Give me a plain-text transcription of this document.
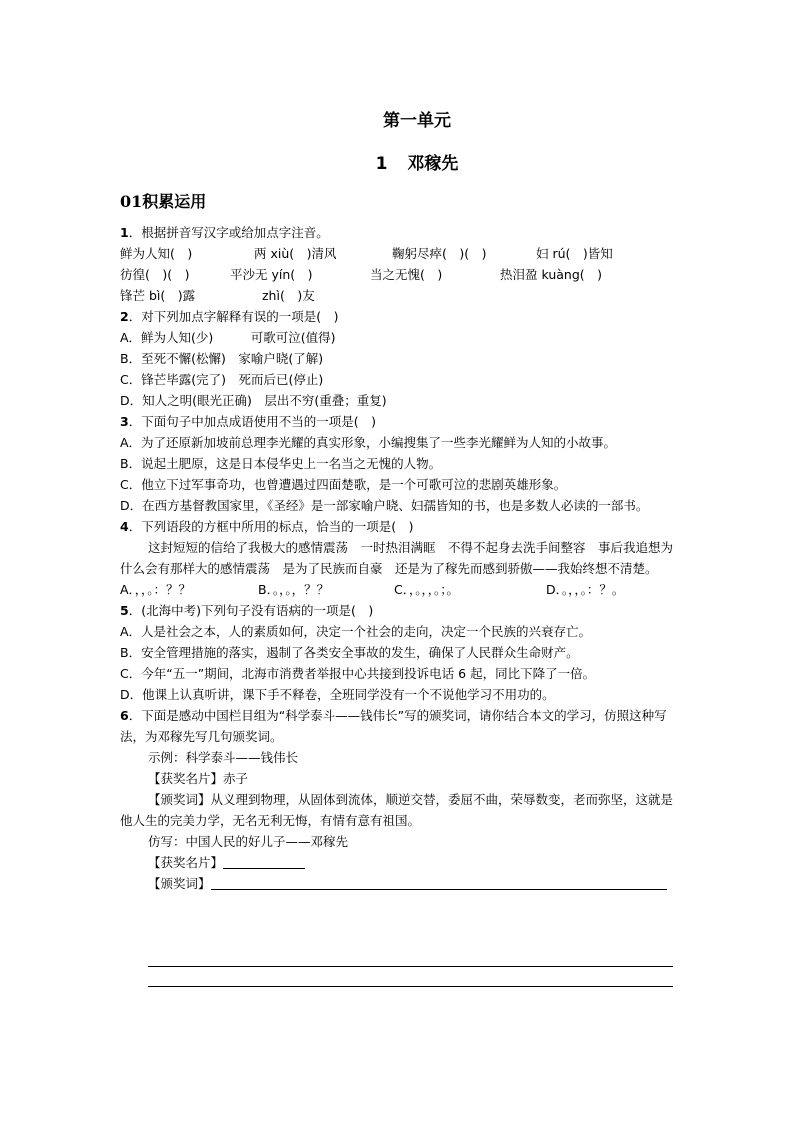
第一单元
1 邓稼先
01积累运用
1．根据拼音写汉字或给加点字注音。
鲜为人知(　)	两 xiù(　)清风	鞠躬尽瘁(　)(　)	妇 rú(　)皆知
彷徨(　)(　)	平沙无 yín(　)	当之无愧(　)	热泪盈 kuàng(　)
锋芒 bì(　)露	zhì(　)友
2．对下列加点字解释有误的一项是(　)
A．鲜为人知(少)　　　可歌可泣(值得)
B．至死不懈(松懈)　家喻户晓(了解)
C．锋芒毕露(完了)　死而后已(停止)
D．知人之明(眼光正确)　层出不穷(重叠；重复)
3．下面句子中加点成语使用不当的一项是(　)
A．为了还原新加坡前总理李光耀的真实形象，小编搜集了一些李光耀鲜为人知的小故事。
B．说起土肥原，这是日本侵华史上一名当之无愧的人物。
C．他立下过军事奇功，也曾遭遇过四面楚歌，是一个可歌可泣的悲剧英雄形象。
D．在西方基督教国家里，《圣经》是一部家喻户晓、妇孺皆知的书，也是多数人必读的一部书。
4．下列语段的方框中所用的标点，恰当的一项是(　)
这封短短的信给了我极大的感情震荡　一时热泪满眶　不得不起身去洗手间整容　事后我追想为什么会有那样大的感情震荡　是为了民族而自豪　还是为了稼先而感到骄傲——我始终想不清楚。
A．，，。：？？	B．。，。，？？	C．，。，，。；。	D．。，，。：？。
5．(北海中考)下列句子没有语病的一项是(　)
A．人是社会之本，人的素质如何，决定一个社会的走向，决定一个民族的兴衰存亡。
B．安全管理措施的落实，遏制了各类安全事故的发生，确保了人民群众生命财产。
C．今年“五一”期间，北海市消费者举报中心共接到投诉电话 6 起，同比下降了一倍。
D．他课上认真听讲，课下手不释卷，全班同学没有一个不说他学习不用功的。
6．下面是感动中国栏目组为“科学泰斗——钱伟长”写的颁奖词，请你结合本文的学习，仿照这种写法，为邓稼先写几句颁奖词。
示例：科学泰斗——钱伟长
【获奖名片】赤子
【颁奖词】从义理到物理，从固体到流体，顺逆交替，委屈不曲，荣辱数变，老而弥坚，这就是他人生的完美力学，无名无利无悔，有情有意有祖国。
仿写：中国人民的好儿子——邓稼先
【获奖名片】
【颁奖词】
